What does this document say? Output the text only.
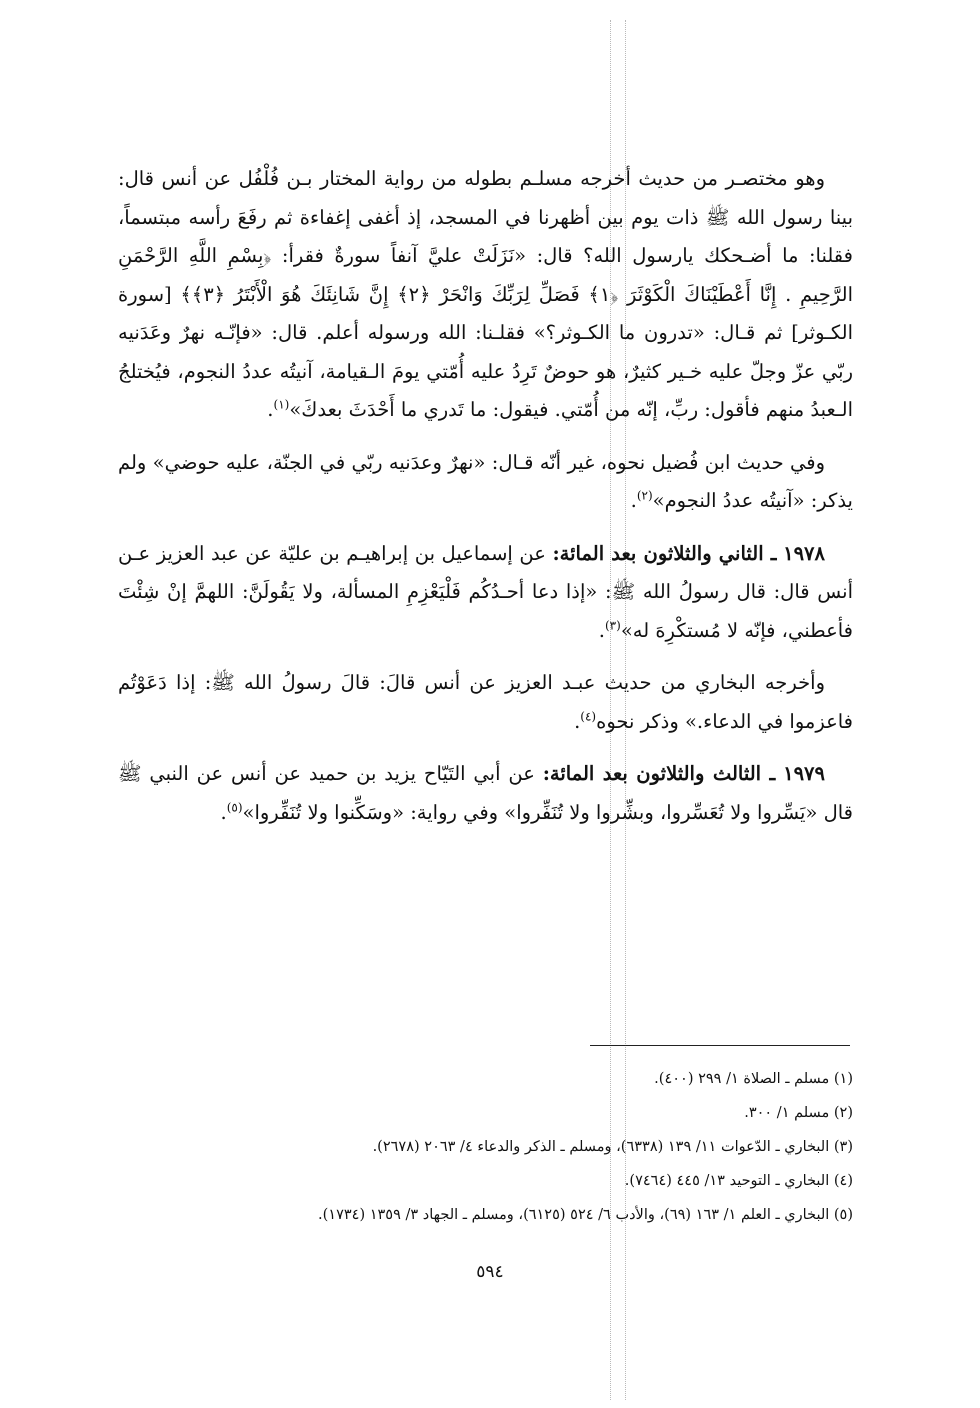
وهو مختصـر من حديث أخرجه مسلـم بطوله من رواية المختار بـن فُلْفُل عن أنس قال: بينا رسول الله ﷺ ذات يوم بين أظهرنا في المسجد، إذ أغفى إغفاءة ثم رفَعَ رأسه مبتسماً، فقلنا: ما أضـحكك يارسول الله؟ قال: «نَزَلَتْ عليَّ آنفاً سورةٌ فقرأ: ﴿بِسْمِ اللَّهِ الرَّحْمَنِ الرَّحِيمِ . إِنَّا أَعْطَيْنَاكَ الْكَوْثَرَ ﴿١﴾ فَصَلِّ لِرَبِّكَ وَانْحَرْ ﴿٢﴾ إِنَّ شَانِئَكَ هُوَ الْأَبْتَرُ ﴿٣﴾﴾ [سورة الكـوثر] ثم قـال: «تدرون ما الكـوثر؟» فقلـنا: الله ورسوله أعلم. قال: «فإنّـه نهرٌ وعَدَنيه ربّي عزّ وجلّ عليه خـير كثيرٌ، هو حوضٌ تَرِدُ عليه أُمّتي يومَ الـقيامة، آنيتُه عددُ النجوم، فيُختلجُ الـعبدُ منهم فأقول: ربِّ، إنّه من أُمّتي. فيقول: ما تَدري ما أَحْدَثَ بعدكَ»$^{(١)}$.

وفي حديث ابن فُضيل نحوه، غير أنّه قـال: «نهرٌ وعدَنيه ربّي في الجنّة، عليه حوضي» ولم يذكر: «آنيتُه عددُ النجوم»$^{(٢)}$.

١٩٧٨ ـ الثاني والثلاثون بعد المائة: عن إسماعيل بن إبراهيـم بن عليّة عن عبد العزيز عـن أنس قال: قال رسولُ الله ﷺ: «إذا دعا أحـدُكُم فَلْيَعْزِمِ المسألة، ولا يَقُولَنَّ: اللهمَّ إنْ شِئْتَ فأعطني، فإنّه لا مُستكْرِهَ له»$^{(٣)}$.

وأخرجه البخاري من حديث عبـد العزيز عن أنس قالَ: قالَ رسولُ الله ﷺ: إذا دَعَوْتُم فاعزموا في الدعاء.» وذكر نحوه$^{(٤)}$.

١٩٧٩ ـ الثالث والثلاثون بعد المائة: عن أبي التَيّاح يزيد بن حميد عن أنس عن النبي ﷺ قال «يَسِّروا ولا تُعَسِّروا، وبشِّروا ولا تُنَفِّروا» وفي رواية: «وسَكِّنوا ولا تُنَفِّروا»$^{(٥)}$.

(١) مسلم ـ الصلاة ١/ ٢٩٩ (٤٠٠).

(٢) مسلم ١/ ٣٠٠.

(٣) البخاري ـ الدّعوات ١١/ ١٣٩ (٦٣٣٨)، ومسلم ـ الذكر والدعاء ٤/ ٢٠٦٣ (٢٦٧٨).

(٤) البخاري ـ التوحيد ١٣/ ٤٤٥ (٧٤٦٤).

(٥) البخاري ـ العلم ١/ ١٦٣ (٦٩)، والأدب ٦/ ٥٢٤ (٦١٢٥)، ومسلم ـ الجهاد ٣/ ١٣٥٩ (١٧٣٤).

٥٩٤
